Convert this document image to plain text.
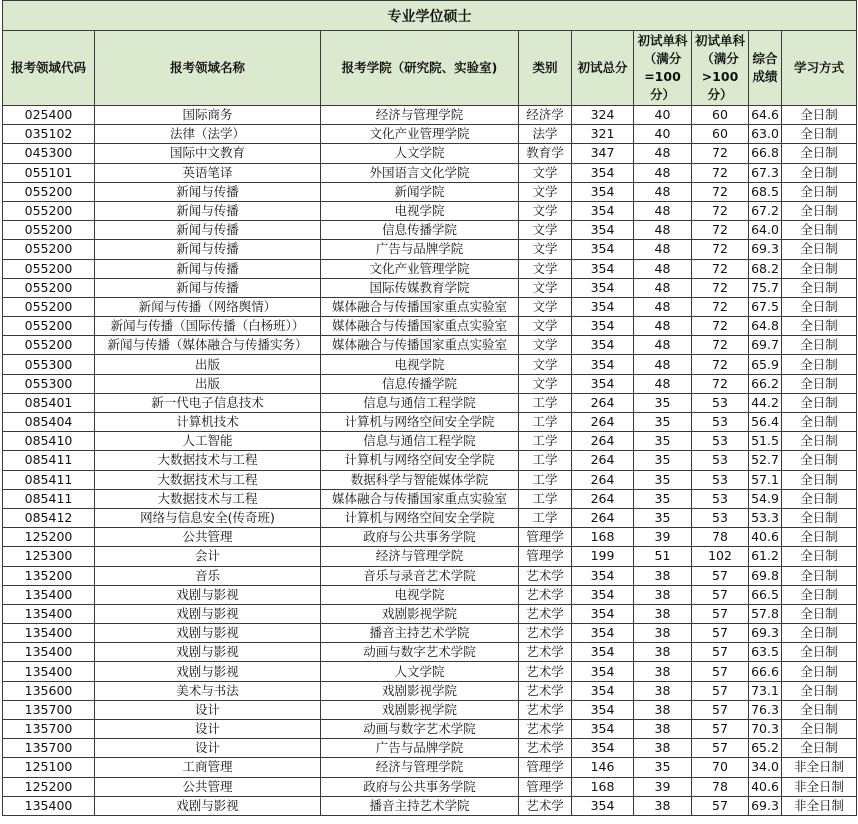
专业学位硕士								
报考领域代码	报考领域名称	报考学院（研究院、实验室)	类别	初试总分	初试单科（满分=100分）	初试单科（满分>100分）	综合成绩	学习方式
025400	国际商务	经济与管理学院	经济学	324	40	60	64.6	全日制
035102	法律（法学）	文化产业管理学院	法学	321	40	60	63.0	全日制
045300	国际中文教育	人文学院	教育学	347	48	72	66.8	全日制
055101	英语笔译	外国语言文化学院	文学	354	48	72	67.3	全日制
055200	新闻与传播	新闻学院	文学	354	48	72	68.5	全日制
055200	新闻与传播	电视学院	文学	354	48	72	67.2	全日制
055200	新闻与传播	信息传播学院	文学	354	48	72	64.0	全日制
055200	新闻与传播	广告与品牌学院	文学	354	48	72	69.3	全日制
055200	新闻与传播	文化产业管理学院	文学	354	48	72	68.2	全日制
055200	新闻与传播	国际传媒教育学院	文学	354	48	72	75.7	全日制
055200	新闻与传播（网络舆情）	媒体融合与传播国家重点实验室	文学	354	48	72	67.5	全日制
055200	新闻与传播（国际传播（白杨班））	媒体融合与传播国家重点实验室	文学	354	48	72	64.8	全日制
055200	新闻与传播（媒体融合与传播实务）	媒体融合与传播国家重点实验室	文学	354	48	72	69.7	全日制
055300	出版	电视学院	文学	354	48	72	65.9	全日制
055300	出版	信息传播学院	文学	354	48	72	66.2	全日制
085401	新一代电子信息技术	信息与通信工程学院	工学	264	35	53	44.2	全日制
085404	计算机技术	计算机与网络空间安全学院	工学	264	35	53	56.4	全日制
085410	人工智能	信息与通信工程学院	工学	264	35	53	51.5	全日制
085411	大数据技术与工程	计算机与网络空间安全学院	工学	264	35	53	52.7	全日制
085411	大数据技术与工程	数据科学与智能媒体学院	工学	264	35	53	57.1	全日制
085411	大数据技术与工程	媒体融合与传播国家重点实验室	工学	264	35	53	54.9	全日制
085412	网络与信息安全(传奇班)	计算机与网络空间安全学院	工学	264	35	53	53.3	全日制
125200	公共管理	政府与公共事务学院	管理学	168	39	78	40.6	全日制
125300	会计	经济与管理学院	管理学	199	51	102	61.2	全日制
135200	音乐	音乐与录音艺术学院	艺术学	354	38	57	69.8	全日制
135400	戏剧与影视	电视学院	艺术学	354	38	57	66.5	全日制
135400	戏剧与影视	戏剧影视学院	艺术学	354	38	57	57.8	全日制
135400	戏剧与影视	播音主持艺术学院	艺术学	354	38	57	69.3	全日制
135400	戏剧与影视	动画与数字艺术学院	艺术学	354	38	57	63.5	全日制
135400	戏剧与影视	人文学院	艺术学	354	38	57	66.6	全日制
135600	美术与书法	戏剧影视学院	艺术学	354	38	57	73.1	全日制
135700	设计	戏剧影视学院	艺术学	354	38	57	76.3	全日制
135700	设计	动画与数字艺术学院	艺术学	354	38	57	70.3	全日制
135700	设计	广告与品牌学院	艺术学	354	38	57	65.2	全日制
125100	工商管理	经济与管理学院	管理学	146	35	70	34.0	非全日制
125200	公共管理	政府与公共事务学院	管理学	168	39	78	40.6	非全日制
135400	戏剧与影视	播音主持艺术学院	艺术学	354	38	57	69.3	非全日制
